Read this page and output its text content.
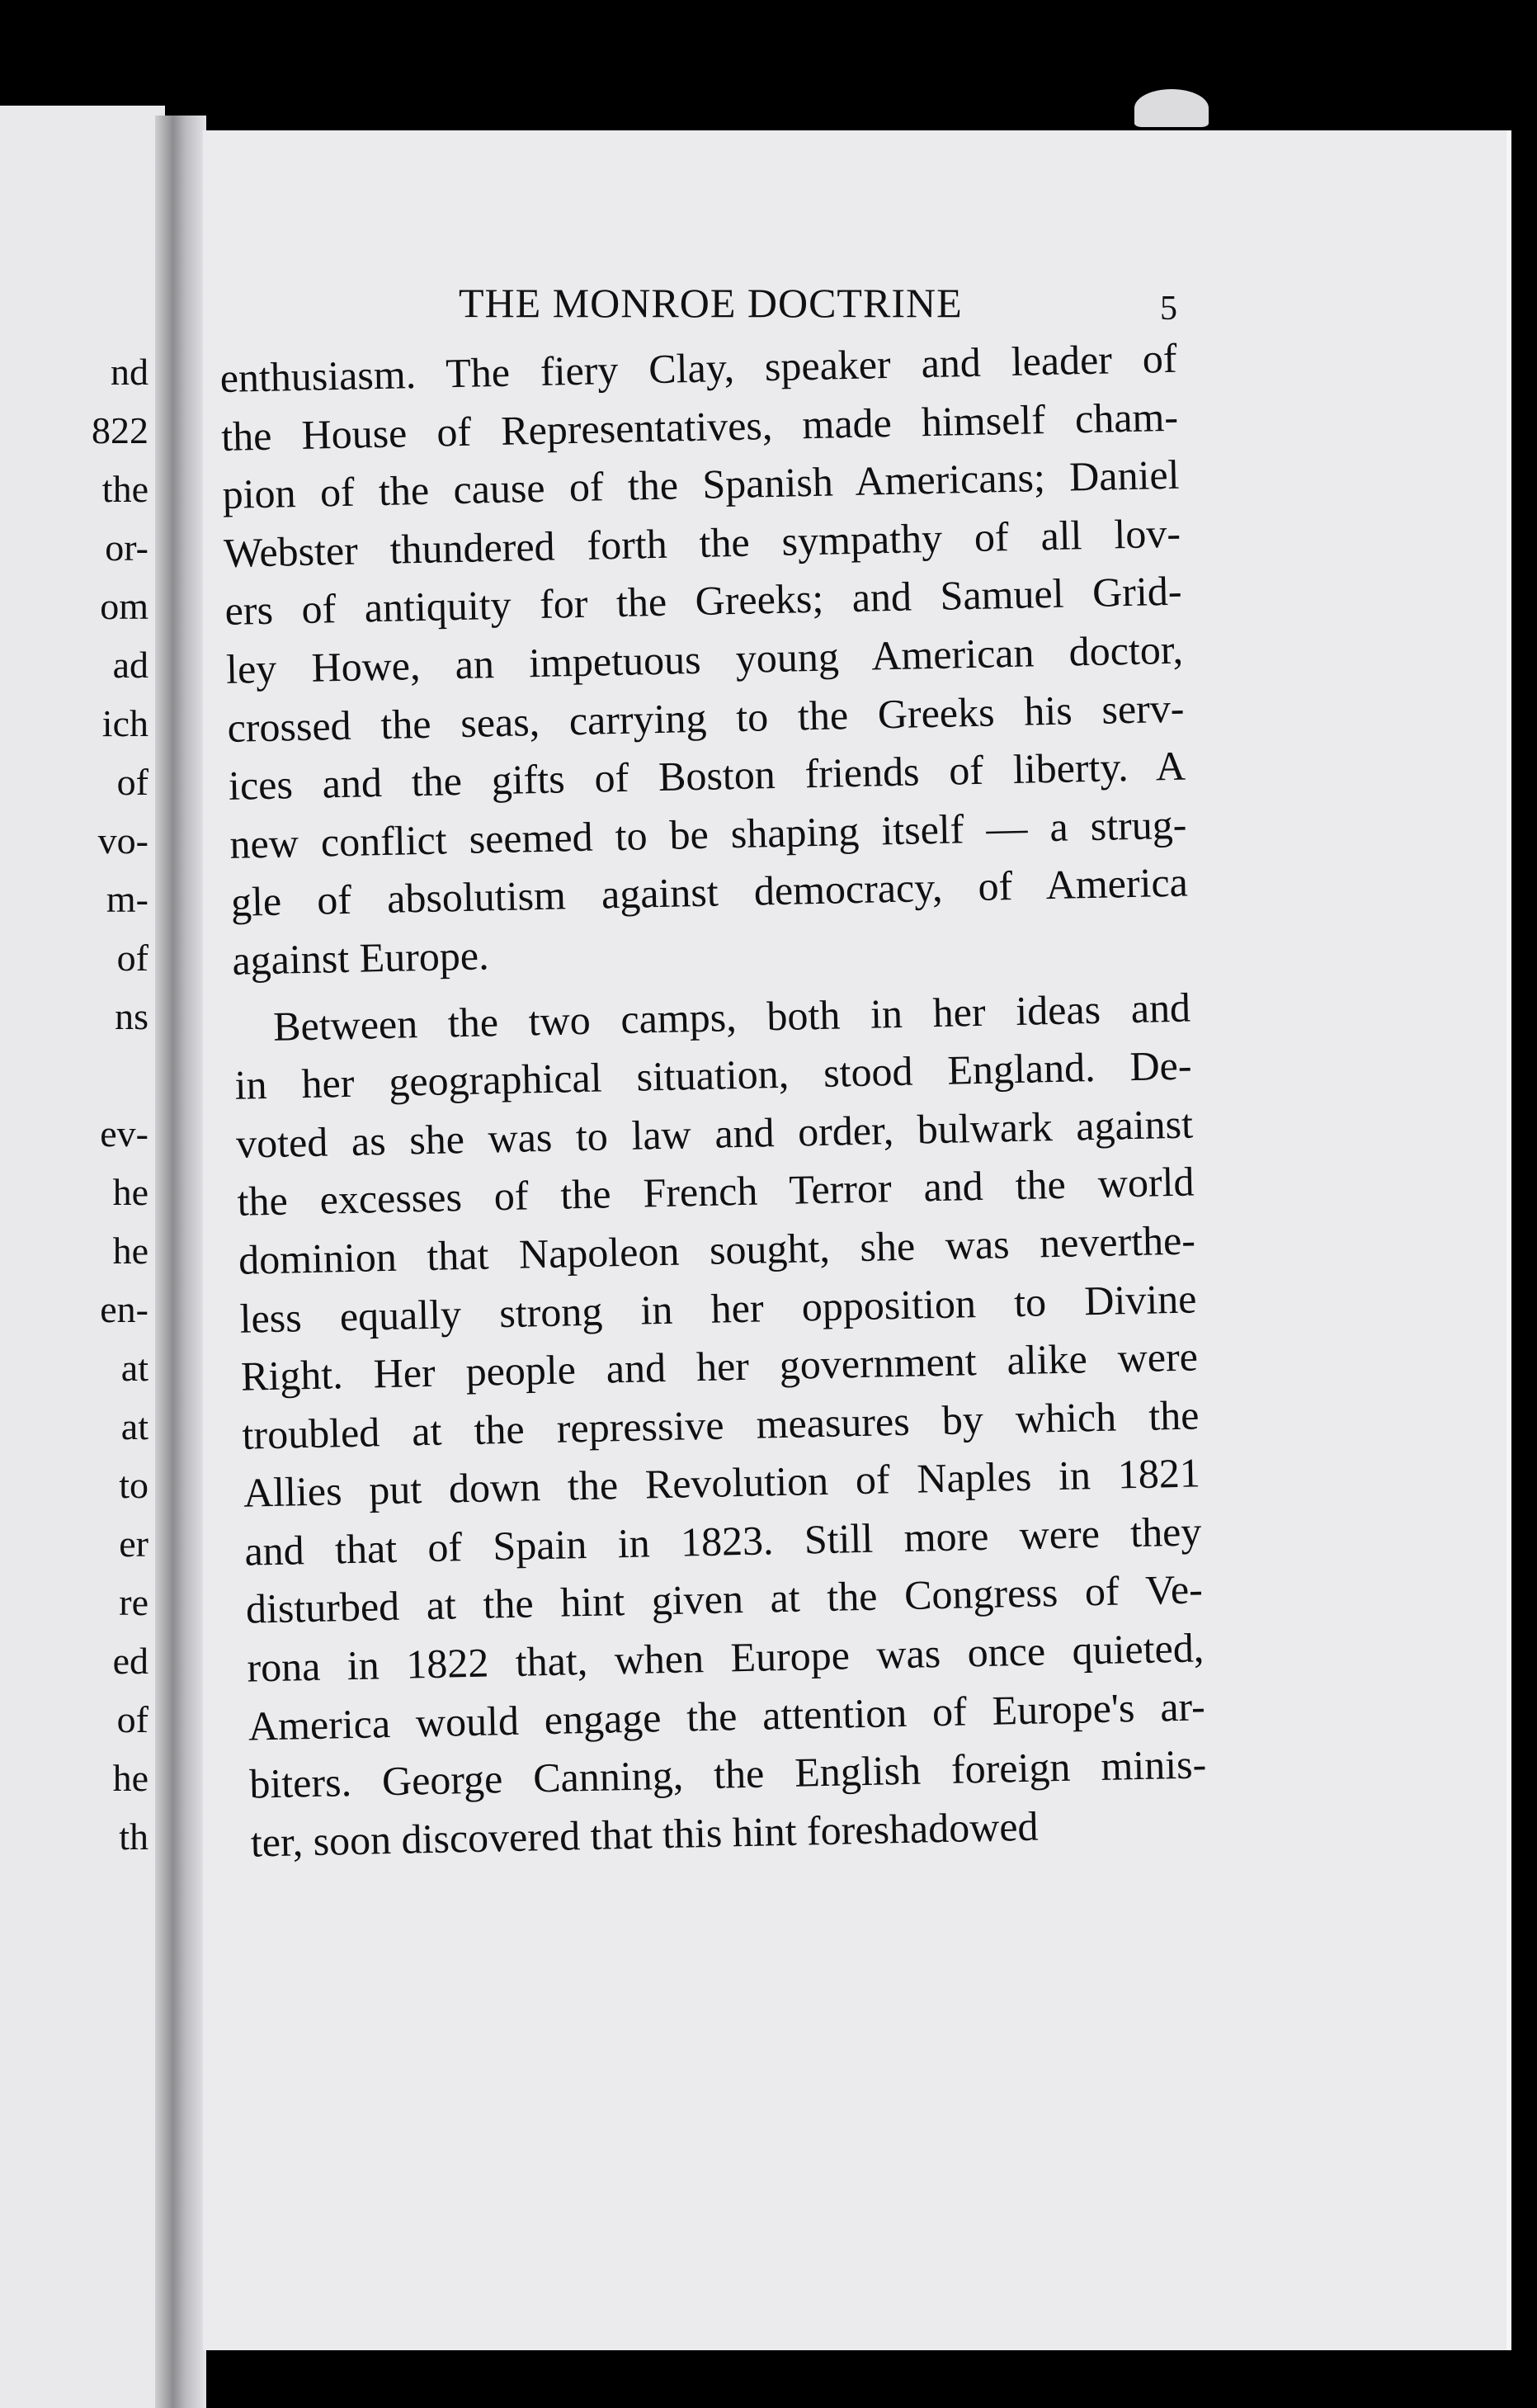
nd
822
the
or-
om
ad
ich
of
vo-
m-
of
ns
ev-
he
he
en-
at
at
to
er
re
ed
of
he
th
THE MONROE DOCTRINE	5
enthusiasm. The fiery Clay, speaker and leader of
the House of Representatives, made himself cham-
pion of the cause of the Spanish Americans; Daniel
Webster thundered forth the sympathy of all lov-
ers of antiquity for the Greeks; and Samuel Grid-
ley Howe, an impetuous young American doctor,
crossed the seas, carrying to the Greeks his serv-
ices and the gifts of Boston friends of liberty. A
new conflict seemed to be shaping itself — a strug-
gle of absolutism against democracy, of America
against Europe.
Between the two camps, both in her ideas and
in her geographical situation, stood England. De-
voted as she was to law and order, bulwark against
the excesses of the French Terror and the world
dominion that Napoleon sought, she was neverthe-
less equally strong in her opposition to Divine
Right. Her people and her government alike were
troubled at the repressive measures by which the
Allies put down the Revolution of Naples in 1821
and that of Spain in 1823. Still more were they
disturbed at the hint given at the Congress of Ve-
rona in 1822 that, when Europe was once quieted,
America would engage the attention of Europe's ar-
biters. George Canning, the English foreign minis-
ter, soon discovered that this hint foreshadowed
